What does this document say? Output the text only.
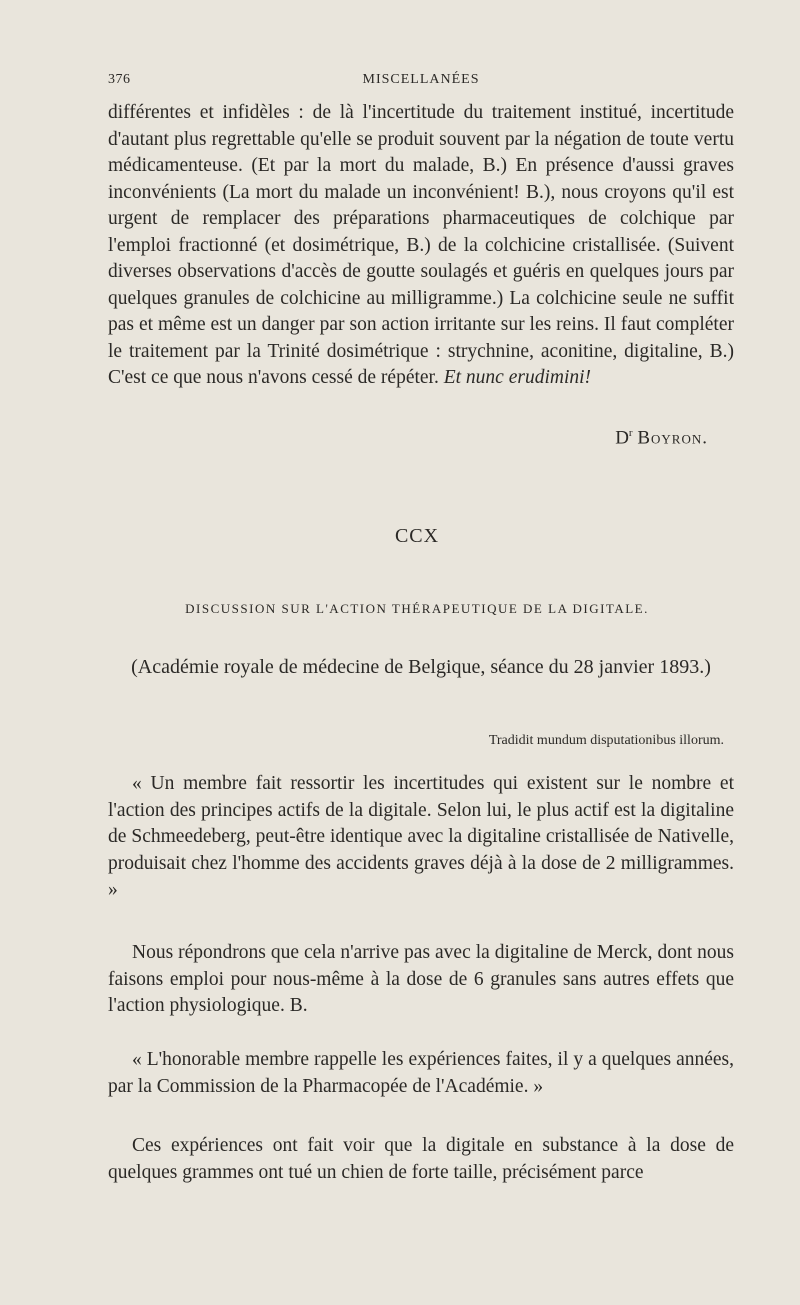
376	MISCELLANÉES

différentes et infidèles : de là l'incertitude du traitement institué, incertitude d'autant plus regrettable qu'elle se produit souvent par la négation de toute vertu médicamenteuse. (Et par la mort du malade, B.) En présence d'aussi graves inconvénients (La mort du malade un inconvénient! B.), nous croyons qu'il est urgent de remplacer des préparations pharmaceutiques de colchique par l'emploi fractionné (et dosimétrique, B.) de la colchicine cristallisée. (Suivent diverses observations d'accès de goutte soulagés et guéris en quelques jours par quelques granules de colchicine au milligramme.) La colchicine seule ne suffit pas et même est un danger par son action irritante sur les reins. Il faut compléter le traitement par la Trinité dosimétrique : strychnine, aconitine, digitaline, B.) C'est ce que nous n'avons cessé de répéter. Et nunc erudimini!

$D^r$ Boyron.
CCX
DISCUSSION SUR L'ACTION THÉRAPEUTIQUE DE LA DIGITALE.
(Académie royale de médecine de Belgique, séance du 28 janvier 1893.)
Tradidit mundum disputationibus illorum.

« Un membre fait ressortir les incertitudes qui existent sur le nombre et l'action des principes actifs de la digitale. Selon lui, le plus actif est la digitaline de Schmeedeberg, peut-être identique avec la digitaline cristallisée de Nativelle, produisait chez l'homme des accidents graves déjà à la dose de 2 milligrammes. »

Nous répondrons que cela n'arrive pas avec la digitaline de Merck, dont nous faisons emploi pour nous-même à la dose de 6 granules sans autres effets que l'action physiologique. B.

« L'honorable membre rappelle les expériences faites, il y a quelques années, par la Commission de la Pharmacopée de l'Académie. »

Ces expériences ont fait voir que la digitale en substance à la dose de quelques grammes ont tué un chien de forte taille, précisément parce
